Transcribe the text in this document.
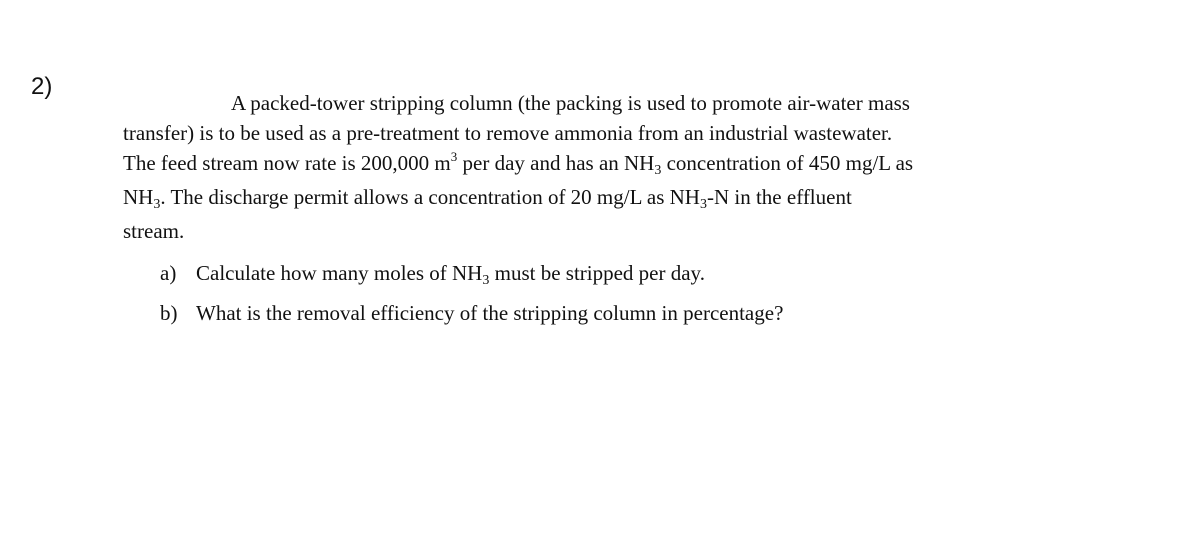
2)
A packed-tower stripping column (the packing is used to promote air-water mass
transfer) is to be used as a pre-treatment to remove ammonia from an industrial wastewater.
The feed stream now rate is 200,000 $m^3$ per day and has an NH3 concentration of 450 mg/L as
NH3. The discharge permit allows a concentration of 20 mg/L as NH3-N in the effluent
stream.
a) Calculate how many moles of NH3 must be stripped per day.
b) What is the removal efficiency of the stripping column in percentage?
